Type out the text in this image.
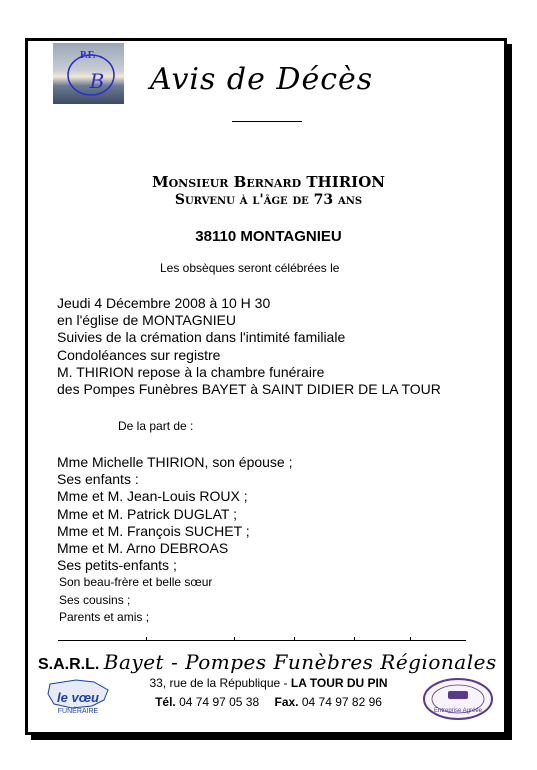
B
P.F.
Avis de Décès
Monsieur Bernard THIRION
Survenu à l'âge de 73 ans
38110 MONTAGNIEU
Les obsèques seront célébrées le
Jeudi 4 Décembre 2008 à 10 H 30
en l'église de MONTAGNIEU
Suivies de la crémation dans l'intimité familiale
Condoléances sur registre
M. THIRION repose à la chambre funéraire
des Pompes Funèbres BAYET à SAINT DIDIER DE LA TOUR
De la part de :
Mme Michelle THIRION, son épouse ;
Ses enfants :
Mme et M. Jean-Louis ROUX ;
Mme et M. Patrick DUGLAT ;
Mme et M. François SUCHET ;
Mme et M. Arno DEBROAS
Ses petits-enfants ;
Son beau-frère et belle sœur
Ses cousins ;
Parents et amis ;
S.A.R.L. Bayet - Pompes Funèbres Régionales
le vœu
FUNÉRAIRE
33, rue de la République - LA TOUR DU PIN
Tél. 04 74 97 05 38 Fax. 04 74 97 82 96
Entreprise Agréée
